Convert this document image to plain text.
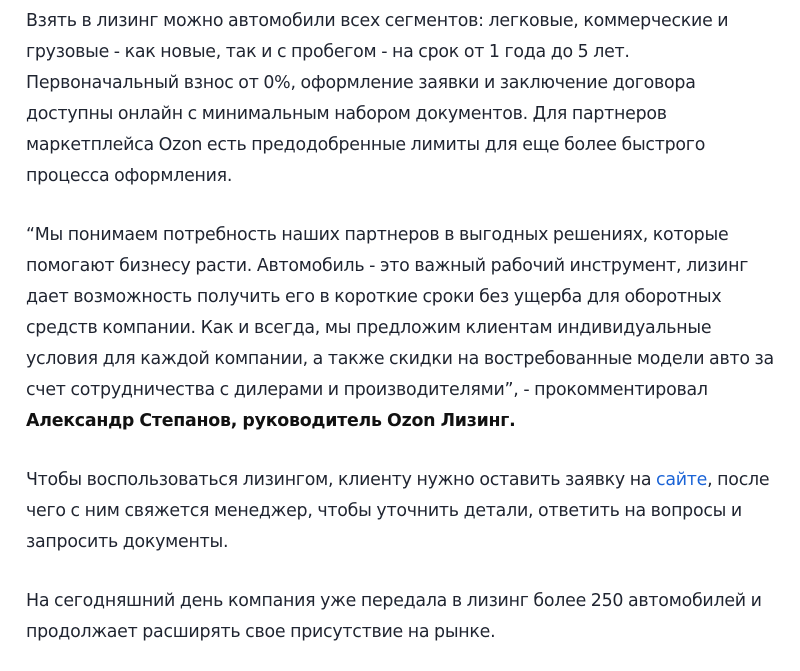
Взять в лизинг можно автомобили всех сегментов: легковые, коммерческие и грузовые - как новые, так и с пробегом - на срок от 1 года до 5 лет. Первоначальный взнос от 0%, оформление заявки и заключение договора доступны онлайн с минимальным набором документов. Для партнеров маркетплейса Ozon есть предодобренные лимиты для еще более быстрого процесса оформления.

“Мы понимаем потребность наших партнеров в выгодных решениях, которые помогают бизнесу расти. Автомобиль - это важный рабочий инструмент, лизинг дает возможность получить его в короткие сроки без ущерба для оборотных средств компании. Как и всегда, мы предложим клиентам индивидуальные условия для каждой компании, а также скидки на востребованные модели авто за счет сотрудничества с дилерами и производителями”, - прокомментировал Александр Степанов, руководитель Ozon Лизинг.

Чтобы воспользоваться лизингом, клиенту нужно оставить заявку на сайте, после чего с ним свяжется менеджер, чтобы уточнить детали, ответить на вопросы и запросить документы.

На сегодняшний день компания уже передала в лизинг более 250 автомобилей и продолжает расширять свое присутствие на рынке.
